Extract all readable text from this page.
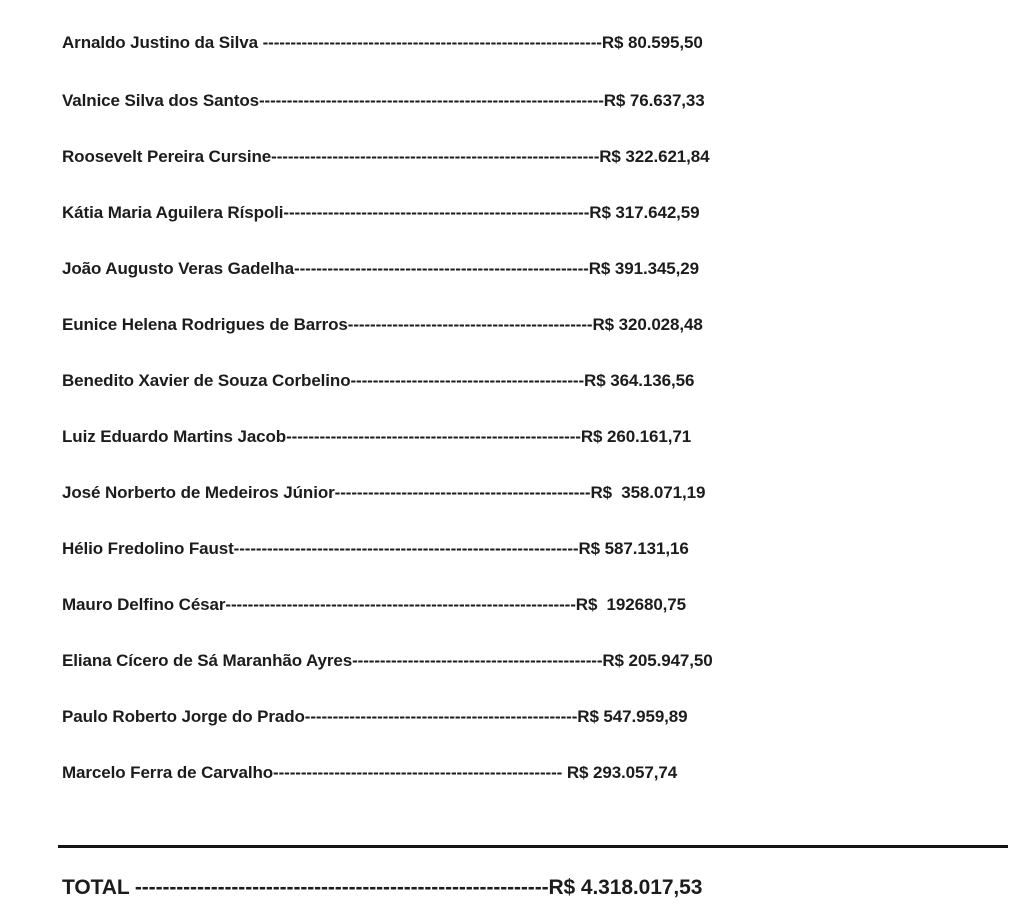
Arnaldo Justino da Silva -------------------------------------------------------------R$ 80.595,50
Valnice Silva dos Santos--------------------------------------------------------------R$ 76.637,33
Roosevelt Pereira Cursine-----------------------------------------------------------R$ 322.621,84
Kátia Maria Aguilera Ríspoli-------------------------------------------------------R$ 317.642,59
João Augusto Veras Gadelha-----------------------------------------------------R$ 391.345,29
Eunice Helena Rodrigues de Barros--------------------------------------------R$ 320.028,48
Benedito Xavier de Souza Corbelino------------------------------------------R$ 364.136,56
Luiz Eduardo Martins Jacob-----------------------------------------------------R$ 260.161,71
José Norberto de Medeiros Júnior----------------------------------------------R$  358.071,19
Hélio Fredolino Faust--------------------------------------------------------------R$ 587.131,16
Mauro Delfino César---------------------------------------------------------------R$  192680,75
Eliana Cícero de Sá Maranhão Ayres---------------------------------------------R$ 205.947,50
Paulo Roberto Jorge do Prado-------------------------------------------------R$ 547.959,89
Marcelo Ferra de Carvalho---------------------------------------------------- R$ 293.057,74
TOTAL ------------------------------------------------------------R$ 4.318.017,53
